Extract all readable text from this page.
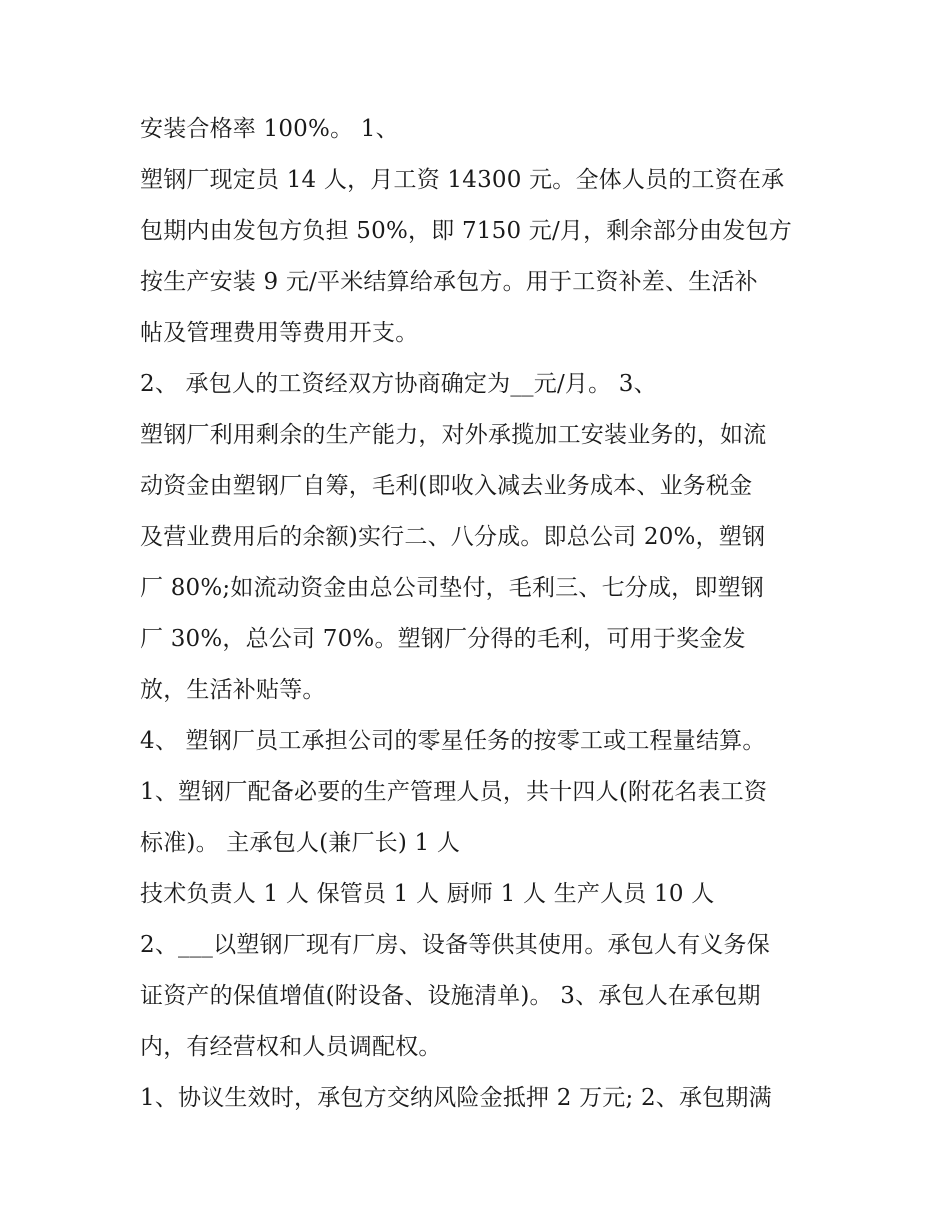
安装合格率 100%。 1、
塑钢厂现定员 14 人，月工资 14300 元。全体人员的工资在承
包期内由发包方负担 50%，即 7150 元/月，剩余部分由发包方
按生产安装 9 元/平米结算给承包方。用于工资补差、生活补
帖及管理费用等费用开支。
2、 承包人的工资经双方协商确定为__元/月。 3、
塑钢厂利用剩余的生产能力，对外承揽加工安装业务的，如流
动资金由塑钢厂自筹，毛利(即收入减去业务成本、业务税金
及营业费用后的余额)实行二、八分成。即总公司 20%，塑钢
厂 80%;如流动资金由总公司垫付，毛利三、七分成，即塑钢
厂 30%，总公司 70%。塑钢厂分得的毛利，可用于奖金发
放，生活补贴等。
4、 塑钢厂员工承担公司的零星任务的按零工或工程量结算。
1、塑钢厂配备必要的生产管理人员，共十四人(附花名表工资
标准)。 主承包人(兼厂长) 1 人
技术负责人 1 人 保管员 1 人 厨师 1 人 生产人员 10 人
2、___以塑钢厂现有厂房、设备等供其使用。承包人有义务保
证资产的保值增值(附设备、设施清单)。 3、承包人在承包期
内，有经营权和人员调配权。
1、协议生效时，承包方交纳风险金抵押 2 万元; 2、承包期满
